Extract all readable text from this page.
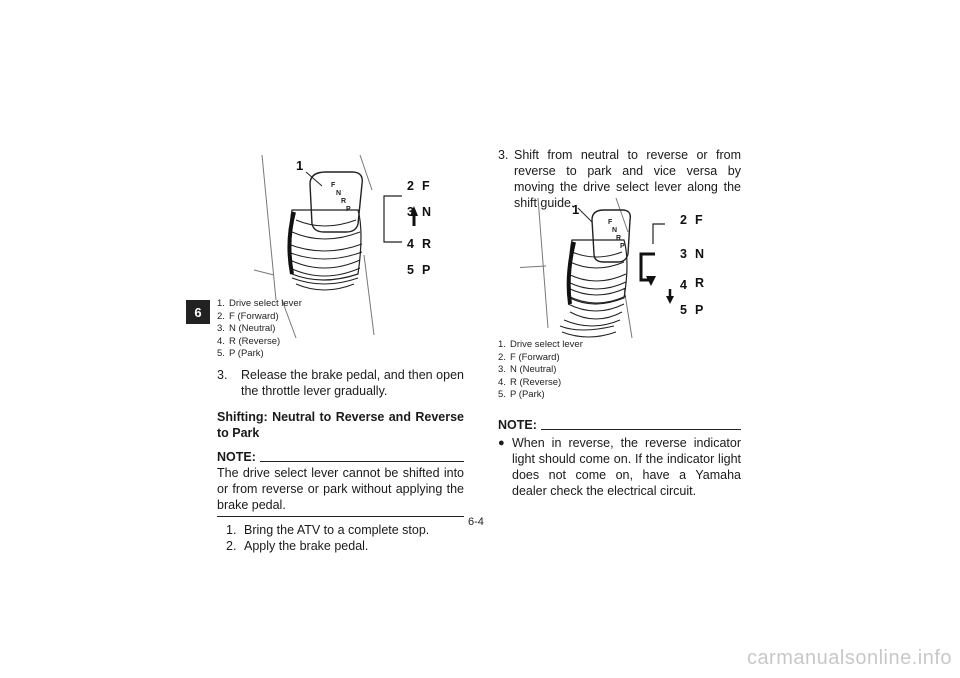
6
F
N
R
P
1
2 F
3 N
4 R
5 P
1. Drive select lever
2. F (Forward)
3. N (Neutral)
4. R (Reverse)
5. P (Park)
3.	Release the brake pedal, and then open the throttle lever gradually.
Shifting: Neutral to Reverse and Reverse to Park
NOTE:
The drive select lever cannot be shifted into or from reverse or park without applying the brake pedal.
1. Bring the ATV to a complete stop.
2. Apply the brake pedal.
3. Shift from neutral to reverse or from reverse to park and vice versa by moving the drive select lever along the shift guide.
F
N
R
P
1
2 F
3 N
4 R
5 P
1. Drive select lever
2. F (Forward)
3. N (Neutral)
4. R (Reverse)
5. P (Park)
NOTE:
● When in reverse, the reverse indicator light should come on. If the indicator light does not come on, have a Yamaha dealer check the electrical circuit.
6-4
carmanualsonline.info
